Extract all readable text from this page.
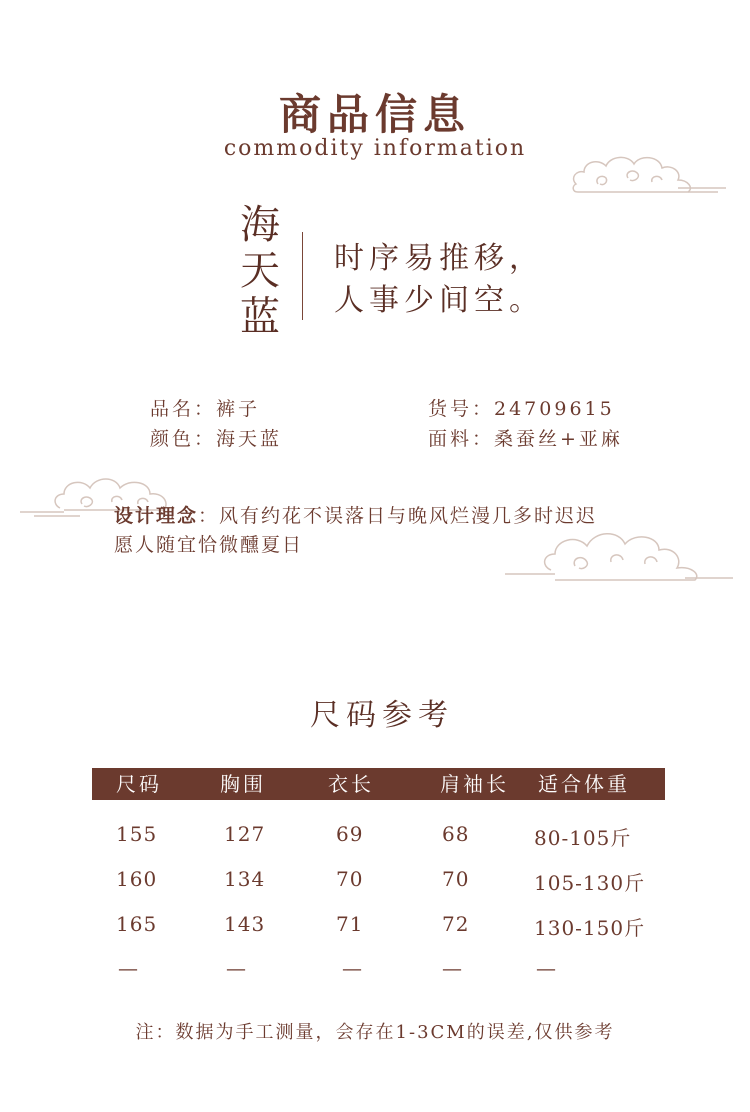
商品信息
commodity information
海
天
蓝
时序易推移，
人事少间空。
品名：裤子	货号：24709615
颜色：海天蓝	面料：桑蚕丝+亚麻
设计理念：风有约花不误落日与晚风烂漫几多时迟迟
愿人随宜恰微醺夏日
尺码参考
尺码	胸围	衣长	肩袖长 适合体重
155	127	69	68	80-105斤
160	134	70	70	105-130斤
165	143	71	72	130-150斤
—	—	—	—	—
注：数据为手工测量，会存在1-3CM的误差,仅供参考
